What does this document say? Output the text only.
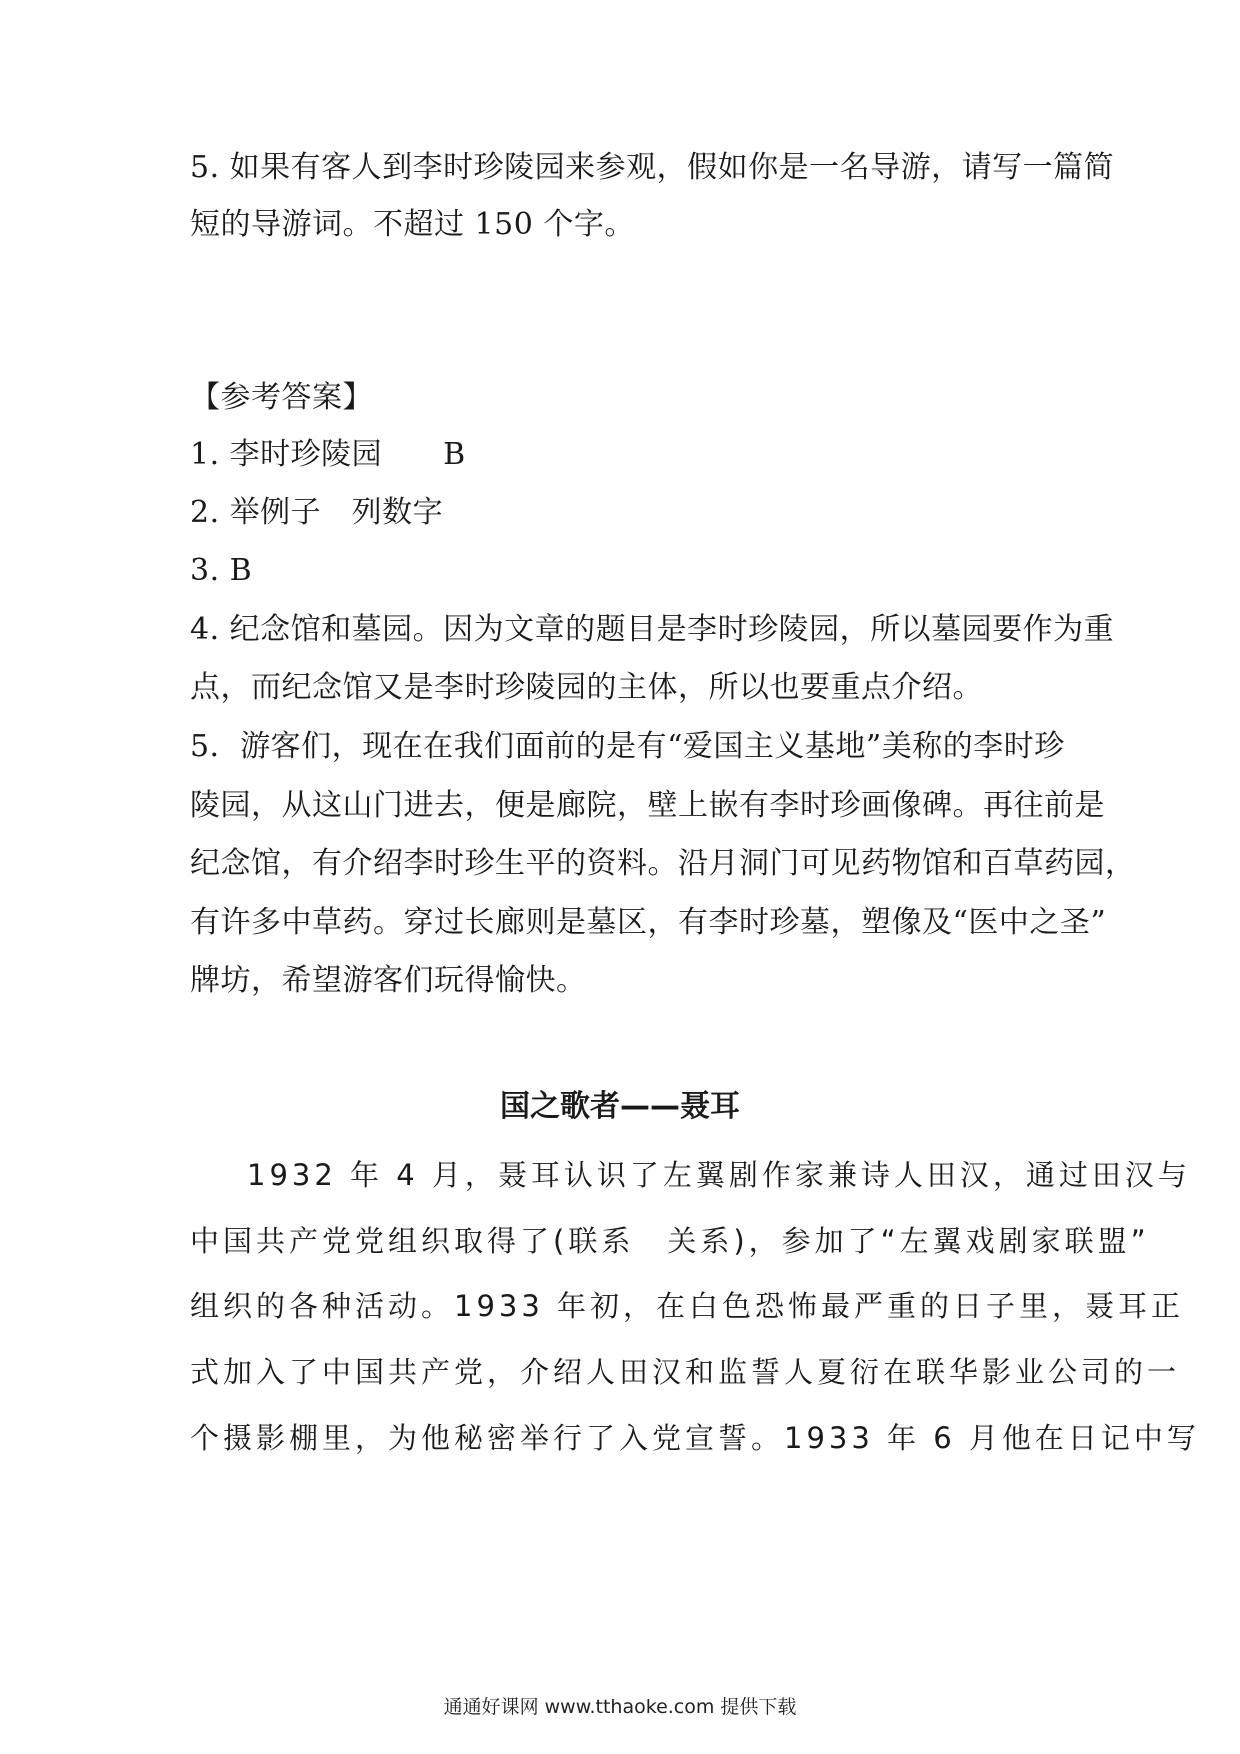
5. 如果有客人到李时珍陵园来参观，假如你是一名导游，请写一篇简
短的导游词。不超过 150 个字。
【参考答案】
1. 李时珍陵园　　B
2. 举例子　列数字
3. B
4. 纪念馆和墓园。因为文章的题目是李时珍陵园，所以墓园要作为重
点，而纪念馆又是李时珍陵园的主体，所以也要重点介绍。
5．游客们，现在在我们面前的是有“爱国主义基地”美称的李时珍
陵园，从这山门进去，便是廊院，壁上嵌有李时珍画像碑。再往前是
纪念馆，有介绍李时珍生平的资料。沿月洞门可见药物馆和百草药园，
有许多中草药。穿过长廊则是墓区，有李时珍墓，塑像及“医中之圣”
牌坊，希望游客们玩得愉快。
国之歌者——聂耳
1932 年 4 月，聂耳认识了左翼剧作家兼诗人田汉，通过田汉与
中国共产党党组织取得了(联系　关系)，参加了“左翼戏剧家联盟”
组织的各种活动。1933 年初，在白色恐怖最严重的日子里，聂耳正
式加入了中国共产党，介绍人田汉和监誓人夏衍在联华影业公司的一
个摄影棚里，为他秘密举行了入党宣誓。1933 年 6 月他在日记中写
通通好课网 www.tthaoke.com 提供下载
